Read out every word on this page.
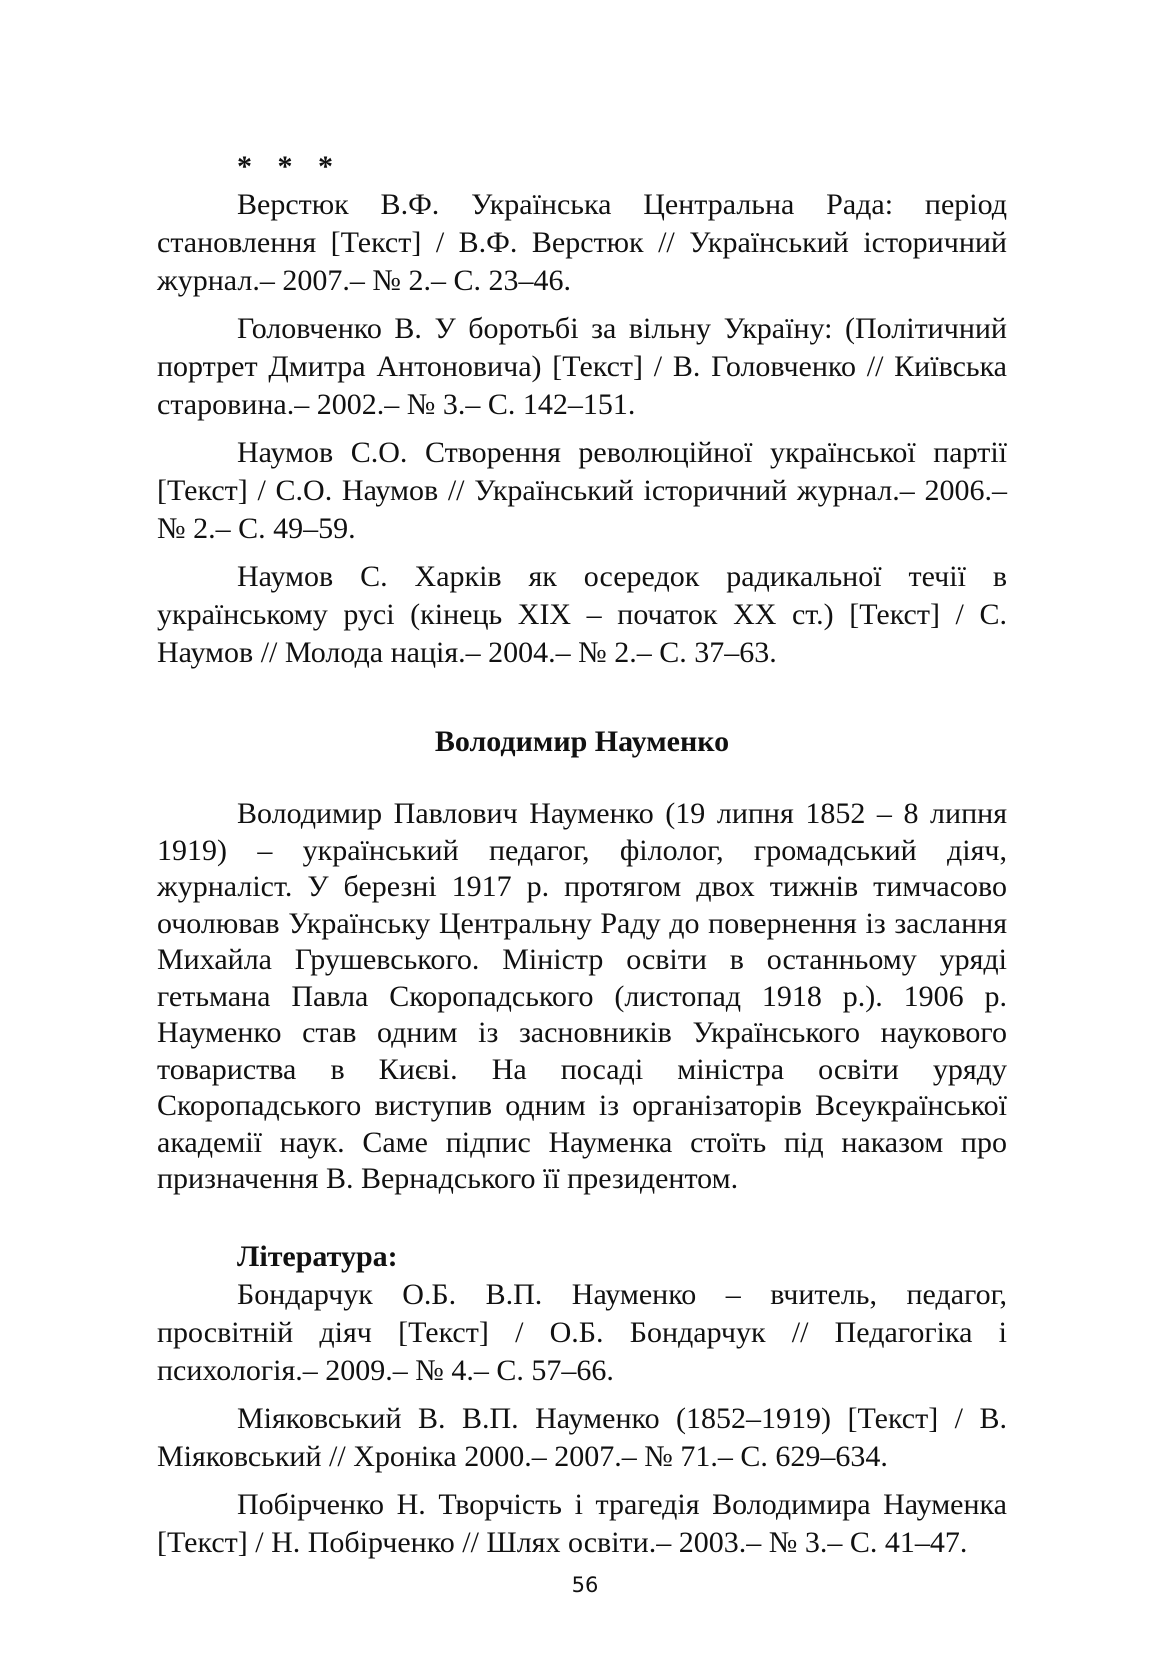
* * *

Верстюк В.Ф. Українська Центральна Рада: період становлення [Текст] / В.Ф. Верстюк // Український історичний журнал.– 2007.– № 2.– С. 23–46.

Головченко В. У боротьбі за вільну Україну: (Політичний портрет Дмитра Антоновича) [Текст] / В. Головченко // Київська старовина.– 2002.– № 3.– С. 142–151.

Наумов С.О. Створення революційної української партії [Текст] / С.О. Наумов // Український історичний журнал.– 2006.– № 2.– С. 49–59.

Наумов С. Харків як осередок радикальної течії в українському русі (кінець ХІХ – початок ХХ ст.) [Текст] / С. Наумов // Молода нація.– 2004.– № 2.– С. 37–63.

Володимир Науменко

Володимир Павлович Науменко (19 липня 1852 – 8 липня 1919) – український педагог, філолог, громадський діяч, журналіст. У березні 1917 р. протягом двох тижнів тимчасово очолював Українську Центральну Раду до повернення із заслання Михайла Грушевського. Міністр освіти в останньому уряді гетьмана Павла Скоропадського (листопад 1918 р.). 1906 р. Науменко став одним із засновників Українського наукового товариства в Києві. На посаді міністра освіти уряду Скоропадського виступив одним із організаторів Всеукраїнської академії наук. Саме підпис Науменка стоїть під наказом про призначення В. Вернадського її президентом.

Література:

Бондарчук О.Б. В.П. Науменко – вчитель, педагог, просвітній діяч [Текст] / О.Б. Бондарчук // Педагогіка і психологія.– 2009.– № 4.– С. 57–66.

Міяковський В. В.П. Науменко (1852–1919) [Текст] / В. Міяковський // Хроніка 2000.– 2007.– № 71.– С. 629–634.

Побірченко Н. Творчість і трагедія Володимира Науменка [Текст] / Н. Побірченко // Шлях освіти.– 2003.– № 3.– С. 41–47.

56
